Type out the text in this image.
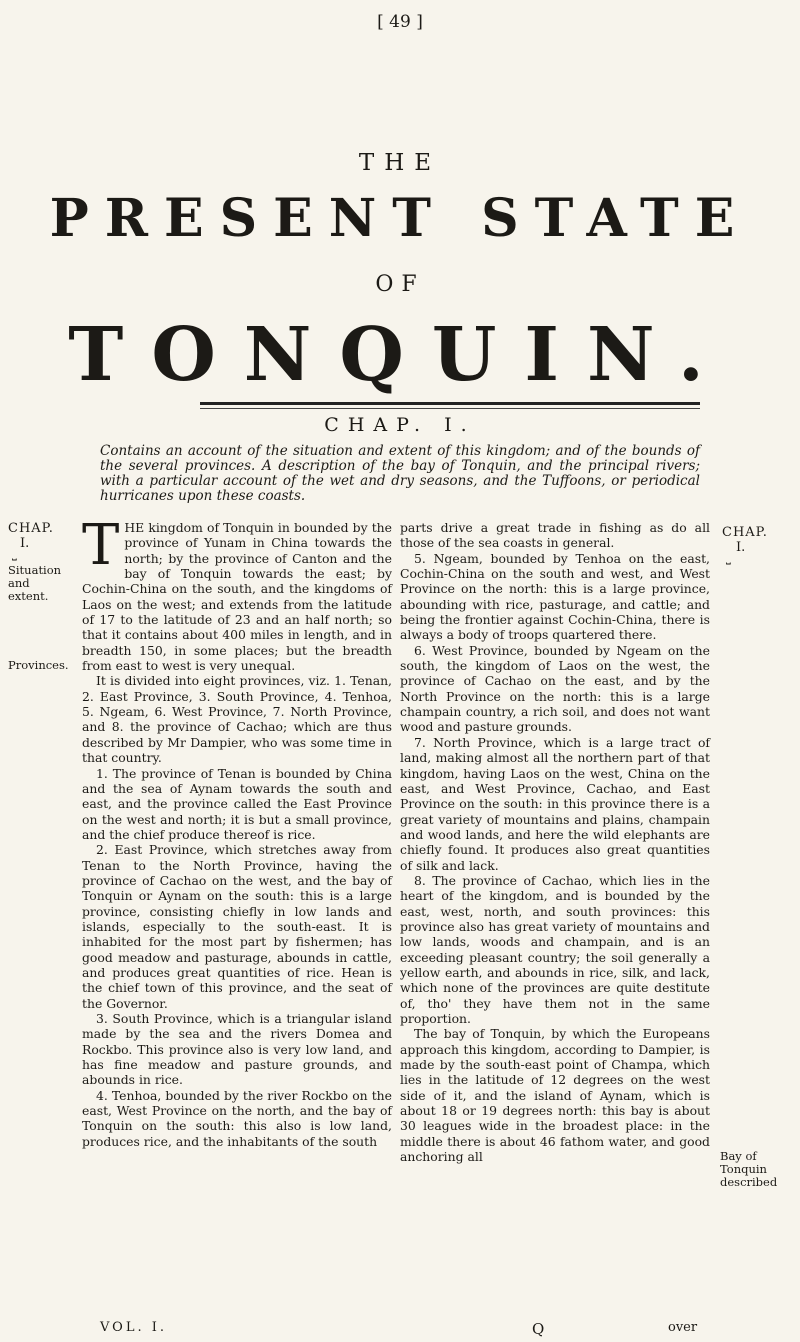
[ 49 ]
THE
PRESENT STATE
OF
TONQUIN.
CHAP. I.
Contains an account of the situation and extent of this kingdom; and of the bounds of the several provinces. A description of the bay of Tonquin, and the principal rivers; with a particular account of the wet and dry seasons, and the Tuffoons, or periodical hurricanes upon these coasts.
CHAP.
I.
⎵
Situation and extent.
Provinces.
CHAP.
I.
⎵
Bay of Tonquin described

THE kingdom of Tonquin in bounded by the province of Yunam in China towards the north; by the province of Canton and the bay of Tonquin towards the east; by Cochin-China on the south, and the kingdoms of Laos on the west; and extends from the latitude of 17 to the latitude of 23 and an half north; so that it contains about 400 miles in length, and in breadth 150, in some places; but the breadth from east to west is very unequal.

It is divided into eight provinces, viz. 1. Tenan, 2. East Province, 3. South Province, 4. Tenhoa, 5. Ngeam, 6. West Province, 7. North Province, and 8. the province of Cachao; which are thus described by Mr Dampier, who was some time in that country.

1. The province of Tenan is bounded by China and the sea of Aynam towards the south and east, and the province called the East Province on the west and north; it is but a small province, and the chief produce thereof is rice.

2. East Province, which stretches away from Tenan to the North Province, having the province of Cachao on the west, and the bay of Tonquin or Aynam on the south: this is a large province, consisting chiefly in low lands and islands, especially to the south-east. It is inhabited for the most part by fishermen; has good meadow and pasturage, abounds in cattle, and produces great quantities of rice. Hean is the chief town of this province, and the seat of the Governor.

3. South Province, which is a triangular island made by the sea and the rivers Domea and Rockbo. This province also is very low land, and has fine meadow and pasture grounds, and abounds in rice.

4. Tenhoa, bounded by the river Rockbo on the east, West Province on the north, and the bay of Tonquin on the south: this also is low land, produces rice, and the inhabitants of the south

parts drive a great trade in fishing as do all those of the sea coasts in general.

5. Ngeam, bounded by Tenhoa on the east, Cochin-China on the south and west, and West Province on the north: this is a large province, abounding with rice, pasturage, and cattle; and being the frontier against Cochin-China, there is always a body of troops quartered there.

6. West Province, bounded by Ngeam on the south, the kingdom of Laos on the west, the province of Cachao on the east, and by the North Province on the north: this is a large champain country, a rich soil, and does not want wood and pasture grounds.

7. North Province, which is a large tract of land, making almost all the northern part of that kingdom, having Laos on the west, China on the east, and West Province, Cachao, and East Province on the south: in this province there is a great variety of mountains and plains, champain and wood lands, and here the wild elephants are chiefly found. It produces also great quantities of silk and lack.

8. The province of Cachao, which lies in the heart of the kingdom, and is bounded by the east, west, north, and south provinces: this province also has great variety of mountains and low lands, woods and champain, and is an exceeding pleasant country; the soil generally a yellow earth, and abounds in rice, silk, and lack, which none of the provinces are quite destitute of, tho' they have them not in the same proportion.

The bay of Tonquin, by which the Europeans approach this kingdom, according to Dampier, is made by the south-east point of Champa, which lies in the latitude of 12 degrees on the west side of it, and the island of Aynam, which is about 18 or 19 degrees north: this bay is about 30 leagues wide in the broadest place: in the middle there is about 46 fathom water, and good anchoring all

VOL. I.	Q	over
